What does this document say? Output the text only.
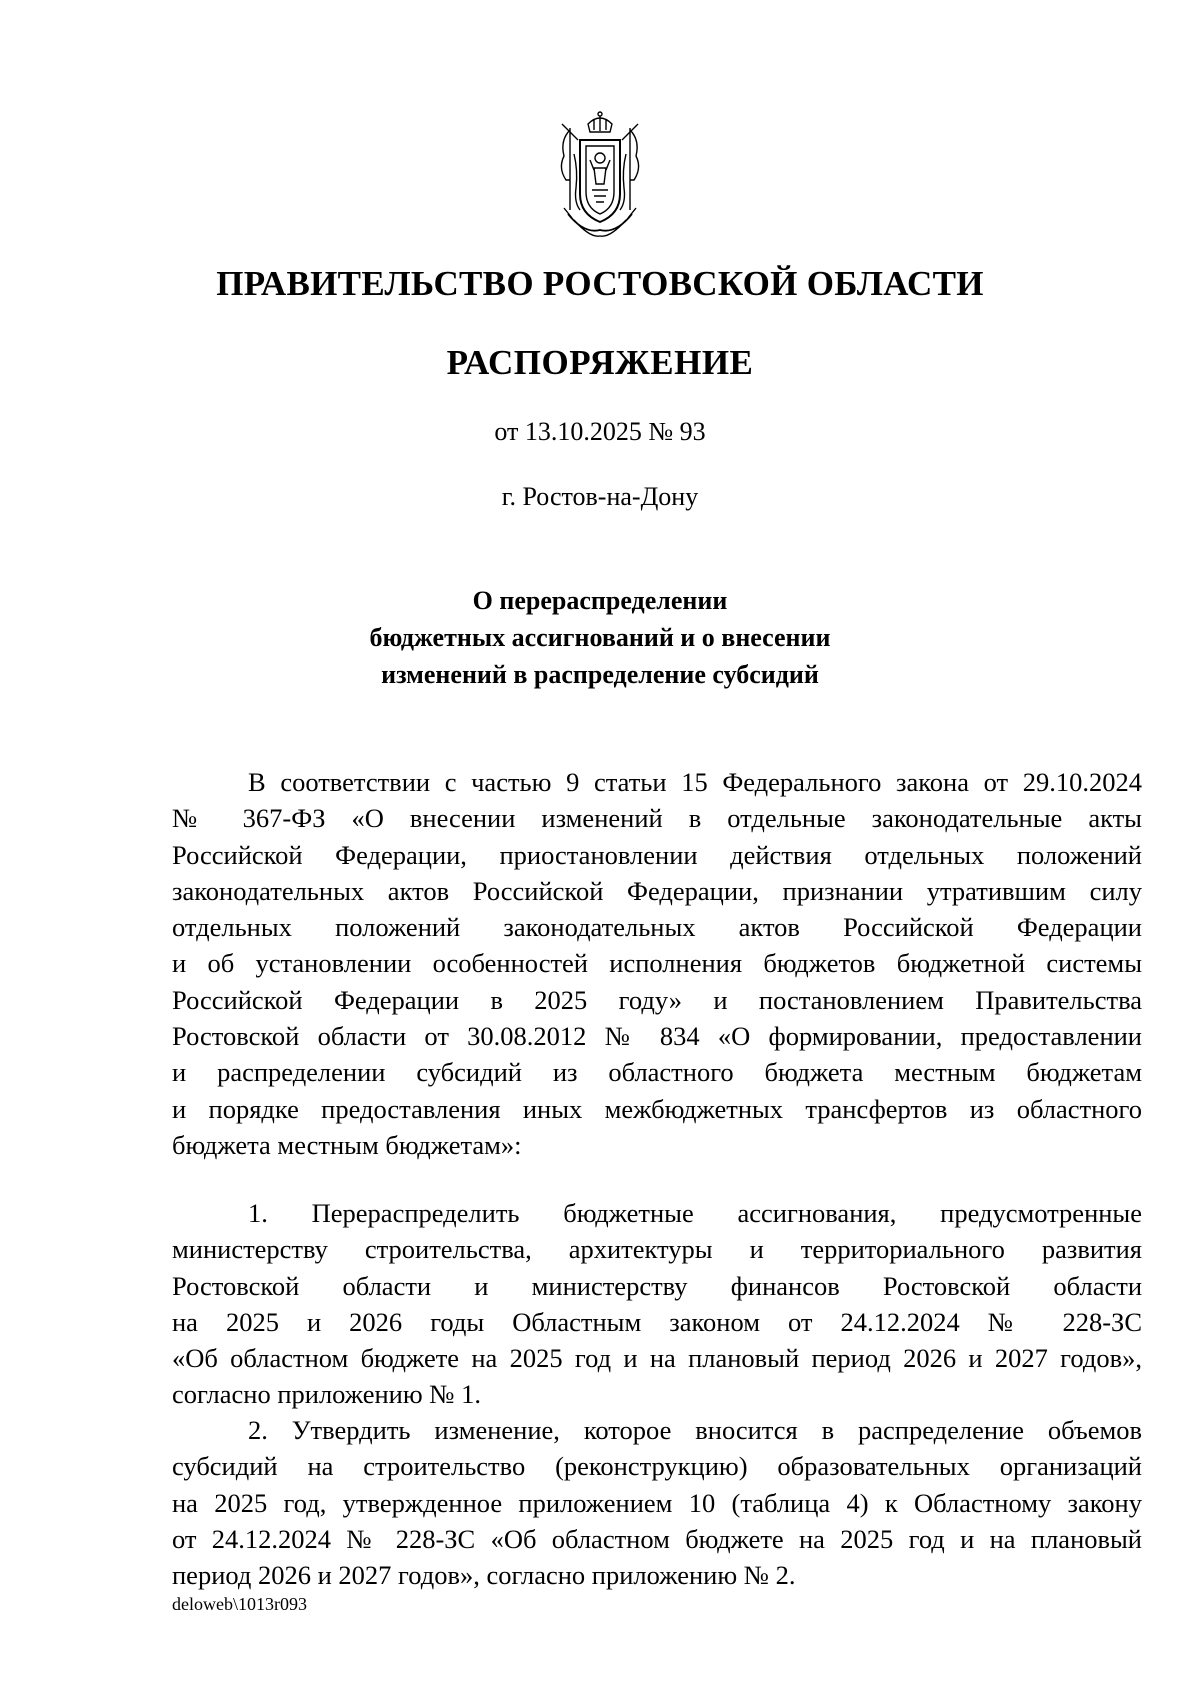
ПРАВИТЕЛЬСТВО РОСТОВСКОЙ ОБЛАСТИ
РАСПОРЯЖЕНИЕ
от 13.10.2025 № 93
г. Ростов-на-Дону
О перераспределении
бюджетных ассигнований и о внесении
изменений в распределение субсидий
В соответствии с частью 9 статьи 15 Федерального закона от 29.10.2024
№ 367-ФЗ «О внесении изменений в отдельные законодательные акты
Российской Федерации, приостановлении действия отдельных положений
законодательных актов Российской Федерации, признании утратившим силу
отдельных положений законодательных актов Российской Федерации
и об установлении особенностей исполнения бюджетов бюджетной системы
Российской Федерации в 2025 году» и постановлением Правительства
Ростовской области от 30.08.2012 № 834 «О формировании, предоставлении
и распределении субсидий из областного бюджета местным бюджетам
и порядке предоставления иных межбюджетных трансфертов из областного
бюджета местным бюджетам»:
1. Перераспределить бюджетные ассигнования, предусмотренные
министерству строительства, архитектуры и территориального развития
Ростовской области и министерству финансов Ростовской области
на 2025 и 2026 годы Областным законом от 24.12.2024 № 228-ЗС
«Об областном бюджете на 2025 год и на плановый период 2026 и 2027 годов»,
согласно приложению № 1.
2. Утвердить изменение, которое вносится в распределение объемов
субсидий на строительство (реконструкцию) образовательных организаций
на 2025 год, утвержденное приложением 10 (таблица 4) к Областному закону
от 24.12.2024 № 228-ЗС «Об областном бюджете на 2025 год и на плановый
период 2026 и 2027 годов», согласно приложению № 2.
deloweb\1013r093
